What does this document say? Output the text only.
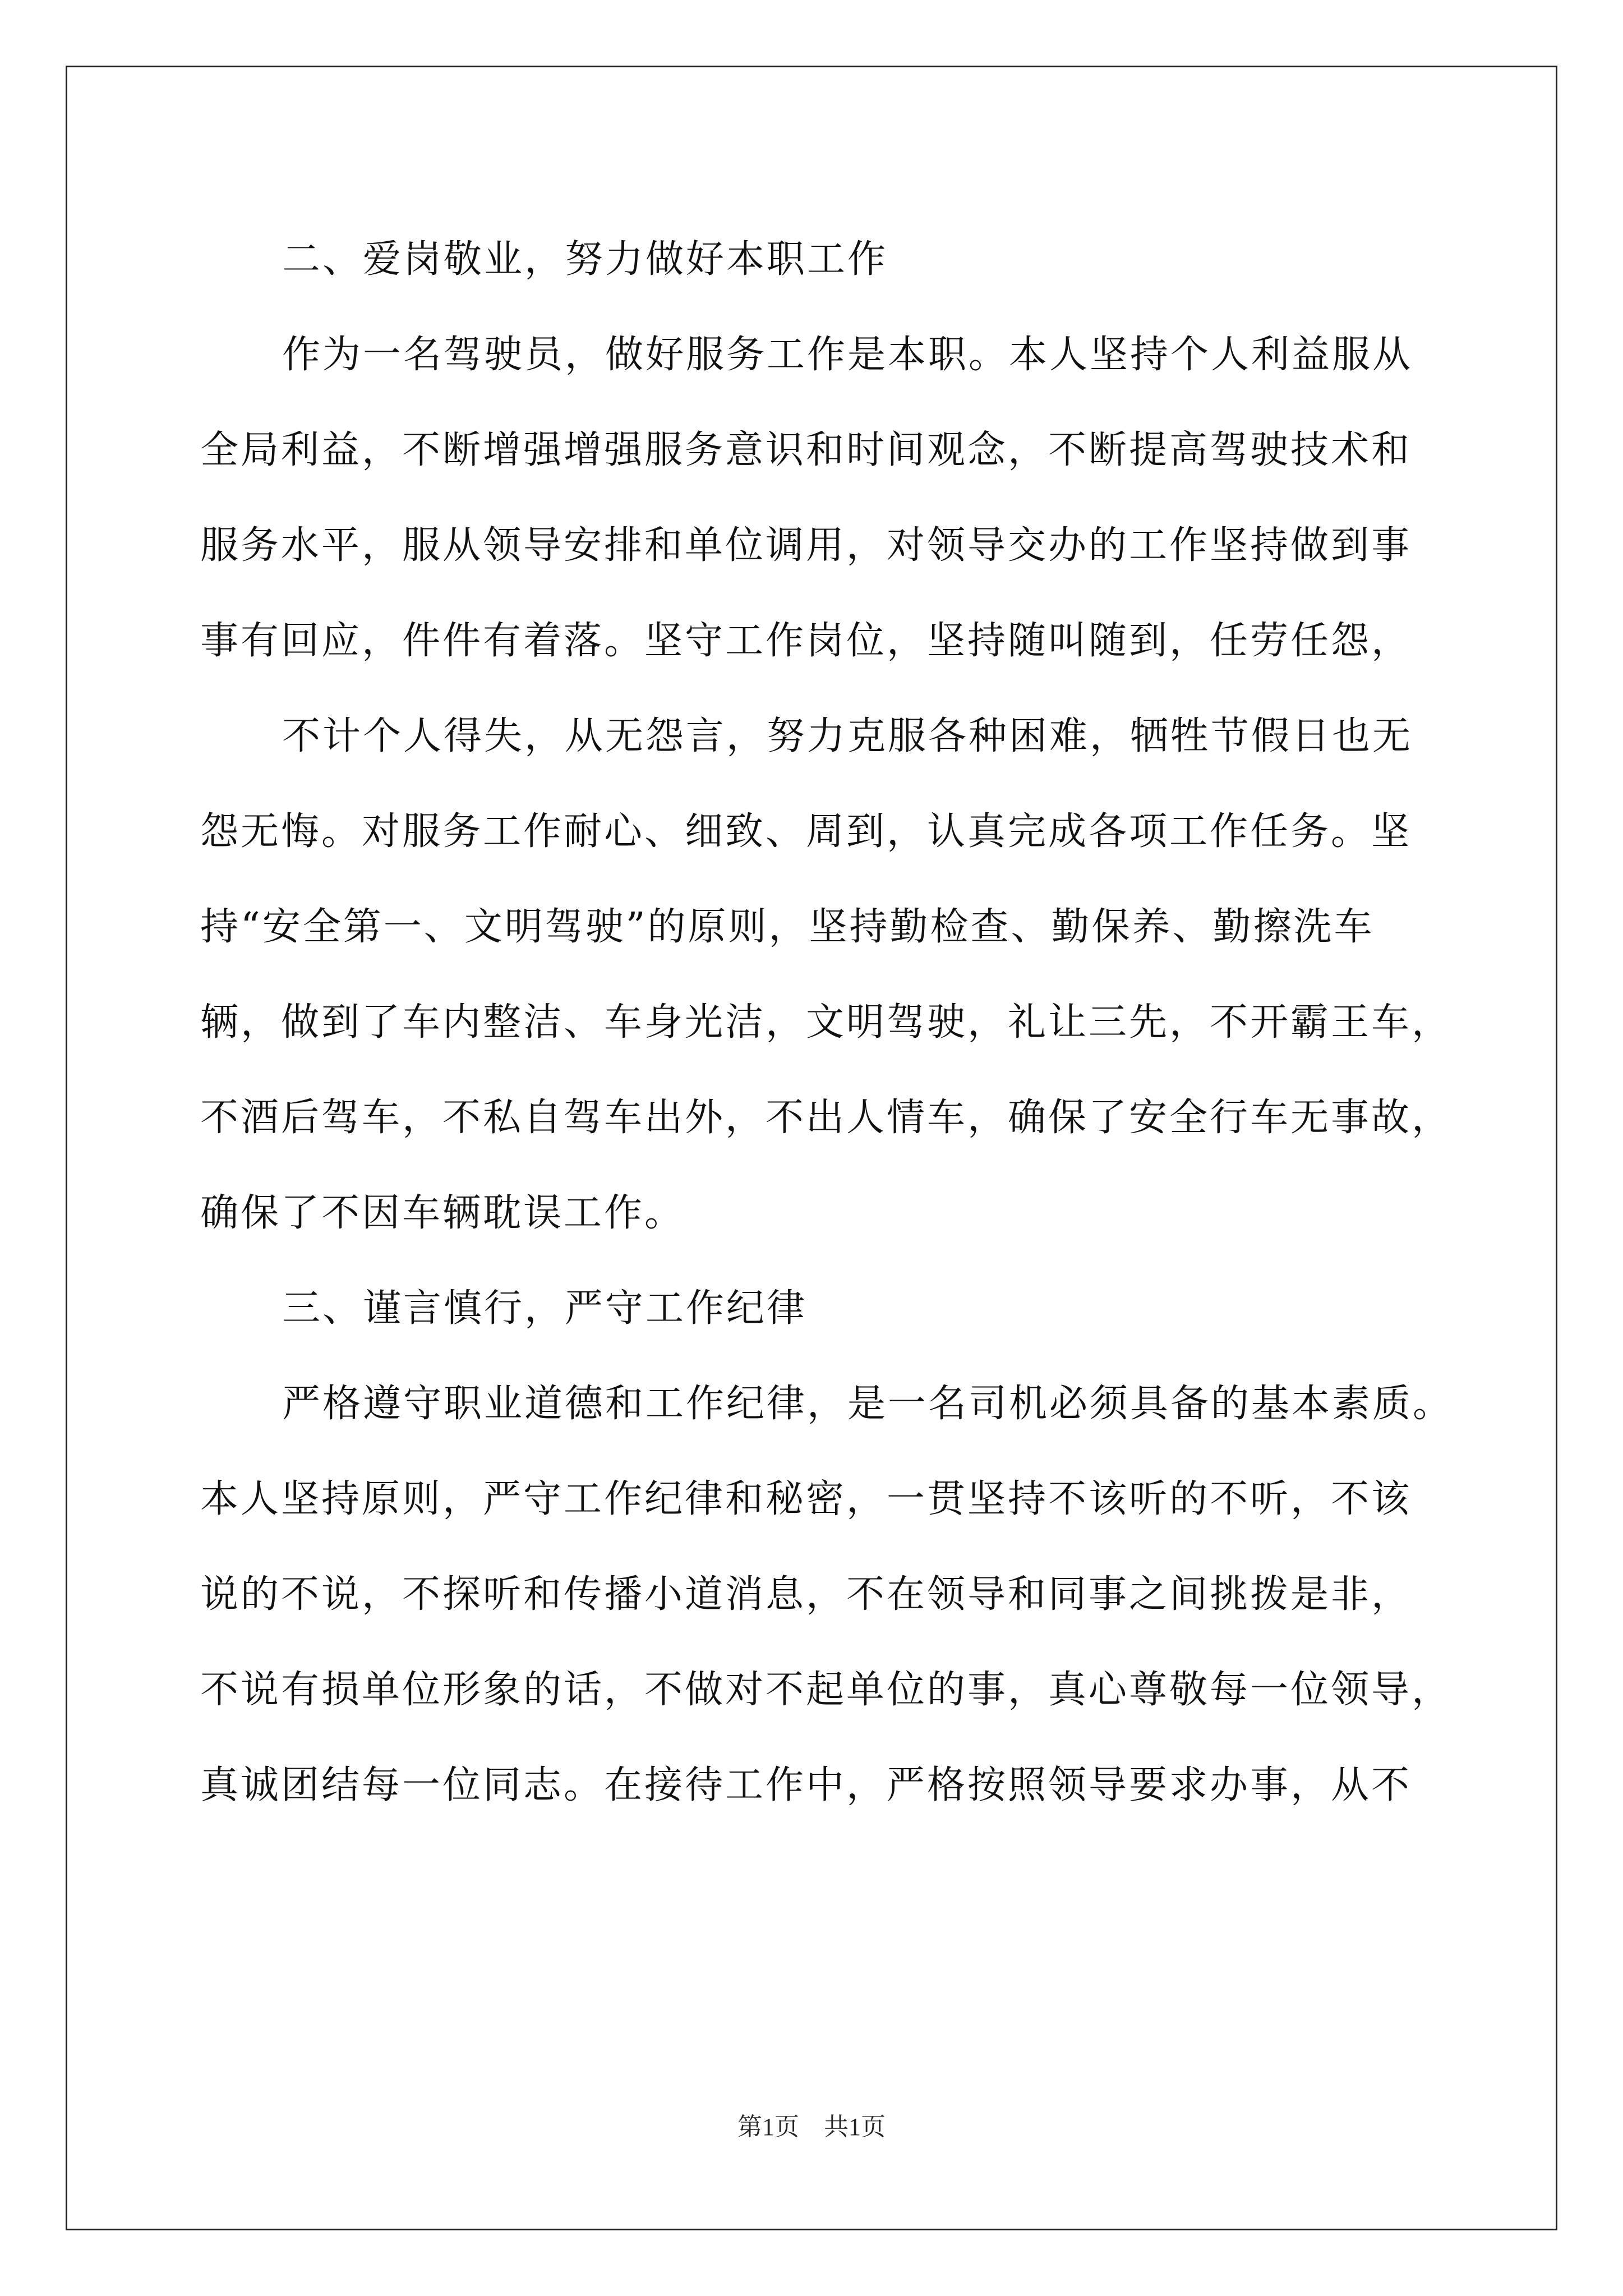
二、爱岗敬业，努力做好本职工作
作为一名驾驶员，做好服务工作是本职。本人坚持个人利益服从
全局利益，不断增强增强服务意识和时间观念，不断提高驾驶技术和
服务水平，服从领导安排和单位调用，对领导交办的工作坚持做到事
事有回应，件件有着落。坚守工作岗位，坚持随叫随到，任劳任怨，
不计个人得失，从无怨言，努力克服各种困难，牺牲节假日也无
怨无悔。对服务工作耐心、细致、周到，认真完成各项工作任务。坚
持“安全第一、文明驾驶”的原则，坚持勤检查、勤保养、勤擦洗车
辆，做到了车内整洁、车身光洁，文明驾驶，礼让三先，不开霸王车，
不酒后驾车，不私自驾车出外，不出人情车，确保了安全行车无事故，
确保了不因车辆耽误工作。
三、谨言慎行，严守工作纪律
严格遵守职业道德和工作纪律，是一名司机必须具备的基本素质。
本人坚持原则，严守工作纪律和秘密，一贯坚持不该听的不听，不该
说的不说，不探听和传播小道消息，不在领导和同事之间挑拨是非，
不说有损单位形象的话，不做对不起单位的事，真心尊敬每一位领导，
真诚团结每一位同志。在接待工作中，严格按照领导要求办事，从不
第1页　共1页
